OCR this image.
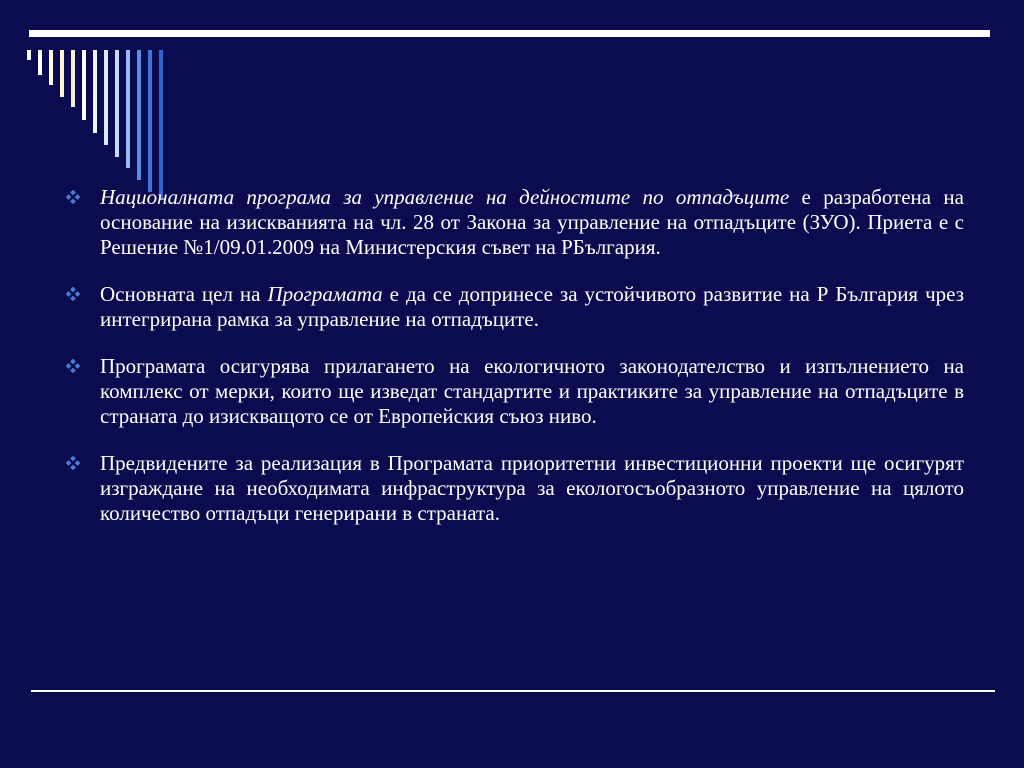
Националната програма за управление на дейностите по отпадъците е разработена на основание на изискванията на чл. 28 от Закона за управление на отпадъците (ЗУО). Приета е с Решение №1/09.01.2009 на Министерския съвет на РБългария.
Основната цел на Програмата е да се допринесе за устойчивото развитие на Р България чрез интегрирана рамка за управление на отпадъците.
Програмата осигурява прилагането на екологичното законодателство и изпълнението на комплекс от мерки, които ще изведат стандартите и практиките за управление на отпадъците в страната до изискващото се от Европейския съюз ниво.
Предвидените за реализация в Програмата приоритетни инвестиционни проекти ще осигурят изграждане на необходимата инфраструктура за екологосъобразното управление на цялото количество отпадъци генерирани в страната.
